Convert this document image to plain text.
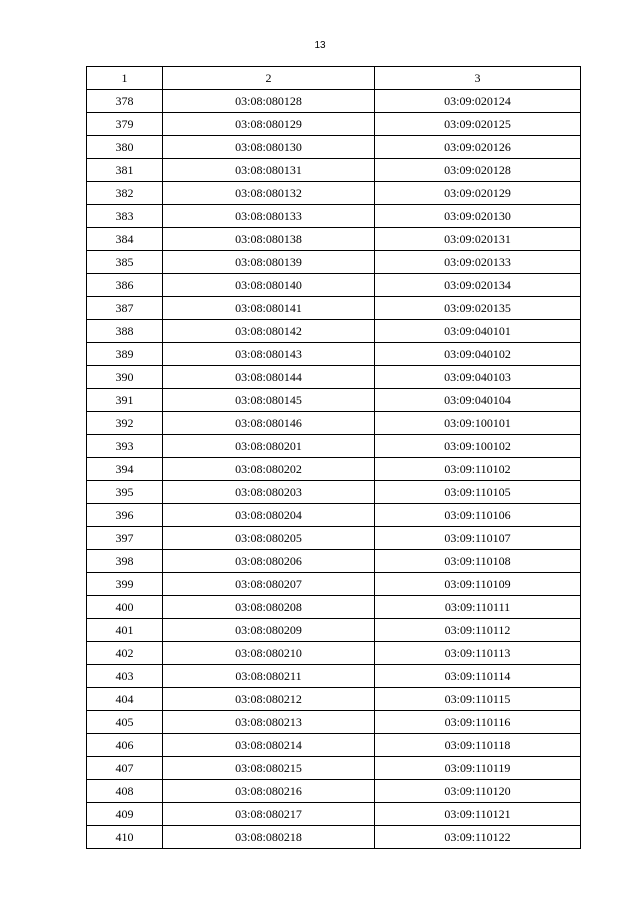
13
1	2	3
378	03:08:080128	03:09:020124
379	03:08:080129	03:09:020125
380	03:08:080130	03:09:020126
381	03:08:080131	03:09:020128
382	03:08:080132	03:09:020129
383	03:08:080133	03:09:020130
384	03:08:080138	03:09:020131
385	03:08:080139	03:09:020133
386	03:08:080140	03:09:020134
387	03:08:080141	03:09:020135
388	03:08:080142	03:09:040101
389	03:08:080143	03:09:040102
390	03:08:080144	03:09:040103
391	03:08:080145	03:09:040104
392	03:08:080146	03:09:100101
393	03:08:080201	03:09:100102
394	03:08:080202	03:09:110102
395	03:08:080203	03:09:110105
396	03:08:080204	03:09:110106
397	03:08:080205	03:09:110107
398	03:08:080206	03:09:110108
399	03:08:080207	03:09:110109
400	03:08:080208	03:09:110111
401	03:08:080209	03:09:110112
402	03:08:080210	03:09:110113
403	03:08:080211	03:09:110114
404	03:08:080212	03:09:110115
405	03:08:080213	03:09:110116
406	03:08:080214	03:09:110118
407	03:08:080215	03:09:110119
408	03:08:080216	03:09:110120
409	03:08:080217	03:09:110121
410	03:08:080218	03:09:110122
